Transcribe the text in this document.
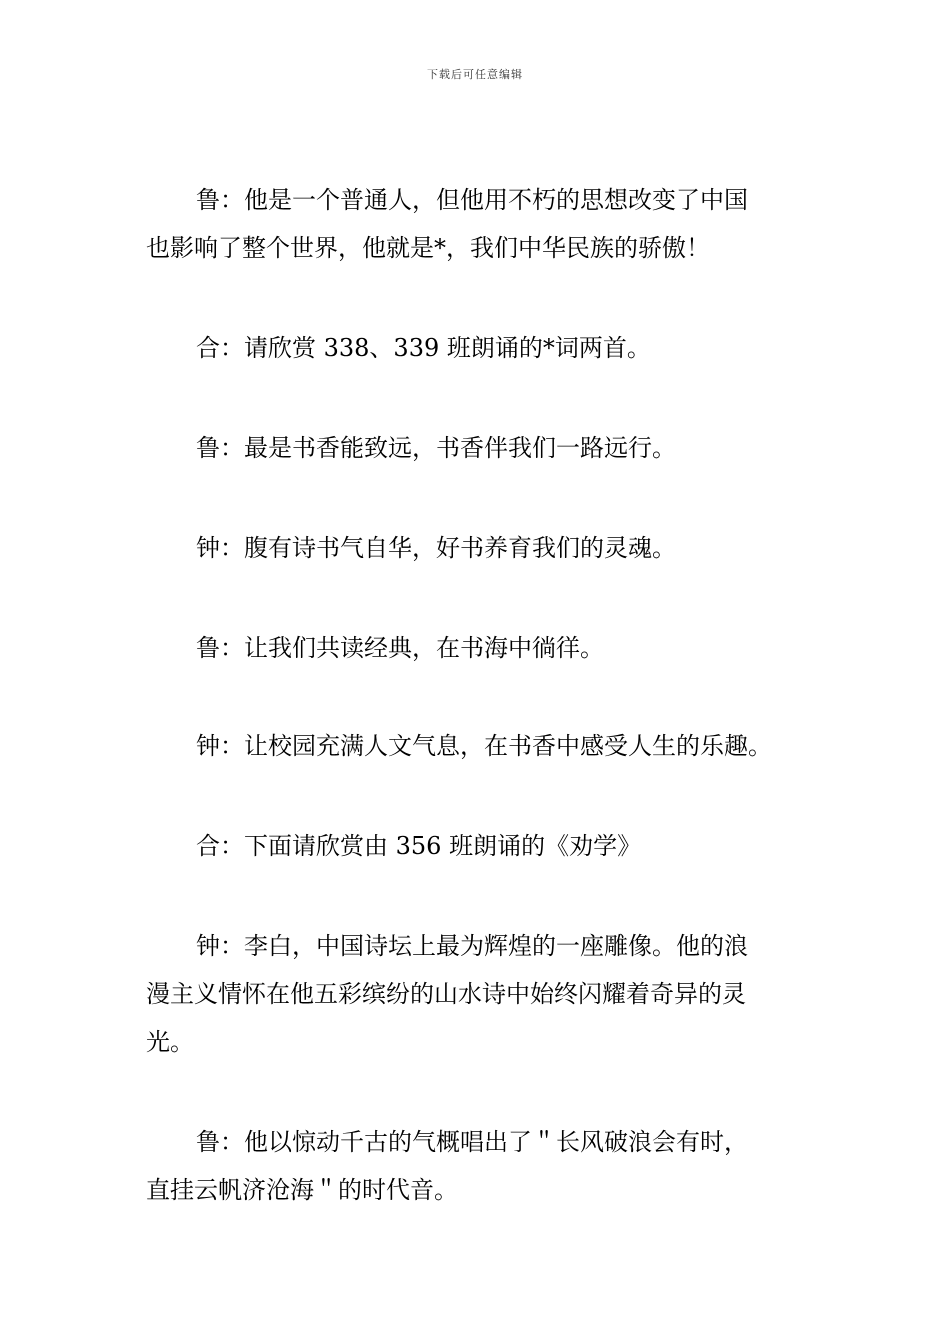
下载后可任意编辑
鲁：他是一个普通人，但他用不朽的思想改变了中国
也影响了整个世界，他就是*，我们中华民族的骄傲！
合：请欣赏 338、339 班朗诵的*词两首。
鲁：最是书香能致远，书香伴我们一路远行。
钟：腹有诗书气自华，好书养育我们的灵魂。
鲁：让我们共读经典，在书海中徜徉。
钟：让校园充满人文气息，在书香中感受人生的乐趣。
合：下面请欣赏由 356 班朗诵的《劝学》
钟：李白，中国诗坛上最为辉煌的一座雕像。他的浪
漫主义情怀在他五彩缤纷的山水诗中始终闪耀着奇异的灵
光。
鲁：他以惊动千古的气概唱出了＂长风破浪会有时，
直挂云帆济沧海＂的时代音。
